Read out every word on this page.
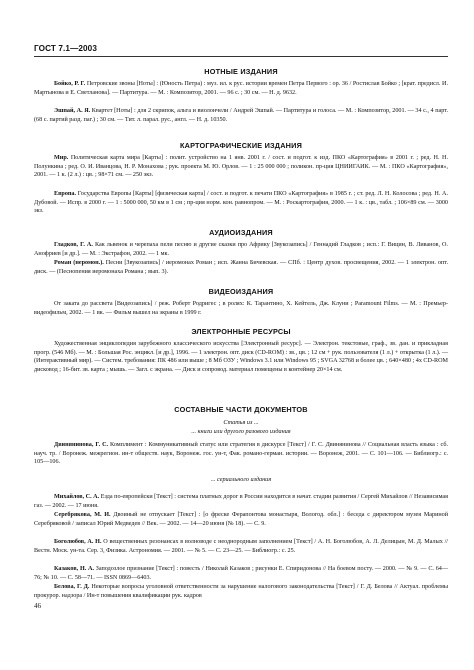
ГОСТ 7.1—2003
НОТНЫЕ ИЗДАНИЯ
Бойко, Р. Г. Петровские звоны [Ноты] : (Юность Петра) : муз. ил. к рус. истории времен Петра Первого : ор. 36 / Ростислав Бойко ; [крат. предисл. И. Мартынова и Е. Светланова]. — Партитура. — М. : Композитор, 2001. — 96 с. ; 30 см. — Н. д. 9632.
Эшпай, А. Я. Квартет [Ноты] : для 2 скрипок, альта и виолончели / Андрей Эшпай. — Партитура и голоса. — М. : Композитор, 2001. — 34 с., 4 парт. (68 с. партий разд. паг.) ; 30 см. — Тит. л. парал. рус., англ. — Н. д. 10350.
КАРТОГРАФИЧЕСКИЕ ИЗДАНИЯ
Мир. Политическая карта мира [Карты] : полит. устройство на 1 янв. 2001 г. / сост. и подгот. к изд. ПКО «Картография» в 2001 г. ; ред. Н. Н. Полункина ; ред. О. И. Иванцова, Н. Р. Монахова ; рук. проекта М. Ю. Орлов. — 1 : 25 000 000 ; поликон. пр-ция ЦНИИГАИК. — М. : ПКО «Картография», 2001. — 1 к. (2 л.) : цв. ; 98×71 см. — 250 экз.
Европа. Государства Европы [Карты] [физическая карта] / сост. и подгот. к печати ПКО «Картография» в 1985 г. ; ст. ред. Л. Н. Колосова ; ред. Н. А. Дубовой. — Испр. в 2000 г. — 1 : 5000 000, 50 км в 1 см ; пр-ция норм. кон. равнопром. — М. : Роскартография, 2000. — 1 к. : цв., табл. ; 106×89 см. — 3000 экз.
АУДИОИЗДАНИЯ
Гладков, Г. А. Как львенок и черепаха пели песню и другие сказки про Африку [Звукозапись] / Геннадий Гладков ; исп.: Г. Вицин, В. Ливанов, О. Анофриев [и др.]. — М. : Экстрафон, 2002. — 1 мк.
Роман (неромон.). Песни [Звукозапись] / иеромонах Роман ; исп. Жанна Бичевская. — СПб. : Центр духов. просвещения, 2002. — 1 электрон. опт. диск. — (Песнопения иеромонаха Романа ; вып. 3).
ВИДЕОИЗДАНИЯ
От заката до рассвета [Видеозапись] / реж. Роберт Родригес ; в ролях: К. Тарантино, Х. Кейтель, Дж. Клуни ; Paramount Films. — М. : Премьер-видеофильм, 2002. — 1 вк. — Фильм вышел на экраны в 1999 г.
ЭЛЕКТРОННЫЕ РЕСУРСЫ
Художественная энциклопедия зарубежного классического искусства [Электронный ресурс]. — Электрон. текстовые, граф., зв. дан. и прикладная прогр. (546 Мб). — М. : Большая Рос. энцикл. [и др.], 1996. — 1 электрон. опт. диск (CD-ROM) : зв., цв. ; 12 см + рук. пользователя (1 л.) + открытка (1 л.). — (Интерактивный мир). — Систем. требования: ПК 486 или выше ; 8 Мб ОЗУ ; Windows 3.1 или Windows 95 ; SVGA 32768 и более цв. ; 640×480 ; 4x CD-ROM дисковод ; 16-бит. зв. карта ; мышь. — Загл. с экрана. — Диск и сопровод. материал помещены в контейнер 20×14 см.
СОСТАВНЫЕ ЧАСТИ ДОКУМЕНТОВ
Статья из ...
... книги или другого разового издания
Двинянинова, Г. С. Комплимент : Коммуникативный статус или стратегия в дискурсе [Текст] / Г. С. Двинянинова // Социальная власть языка : сб. науч. тр. / Воронеж. межрегион. ин-т обществ. наук, Воронеж. гос. ун-т, Фак. романо-герман. истории. — Воронеж, 2001. — С. 101—106. — Библиогр.: с. 105—106.
... сериального издания
Михайлов, С. А. Езда по-европейски [Текст] : система платных дорог в России находится в начат. стадии развития / Сергей Михайлов // Независимая газ. — 2002. — 17 июня.
Серебрякова, М. И. Двоиный не отпускает [Текст] : [о фреске Ферапонтова монастыря, Вологод. обл.] : беседа с директором музея Мариной Серебряковой / записал Юрий Медведев // Век. — 2002. — 14—20 июня (№ 18). — С. 9.
Боголюбов, А. Н. О вещественных резонансах в волноводе с неоднородным заполнением [Текст] / А. Н. Боголюбов, А. Л. Делицын, М. Д. Малых // Вестн. Моск. ун-та. Сер. 3, Физика. Астрономия. — 2001. — № 5. — С. 23—25. — Библиогр.: с. 25.
Казаков, Н. А. Заподозлое признание [Текст] : повесть / Николай Казаков ; рисунки Е. Спиридонова // На боевом посту. — 2000. — № 9. — С. 64—76; № 10. — С. 58—71. — ISSN 0869—6403.
Белова, Г. Д. Некоторые вопросы уголовной ответственности за нарушение налогового законодательства [Текст] / Г. Д. Белова // Актуал. проблемы прокурор. надзора / Ин-т повышения квалификации рук. кадров
46
